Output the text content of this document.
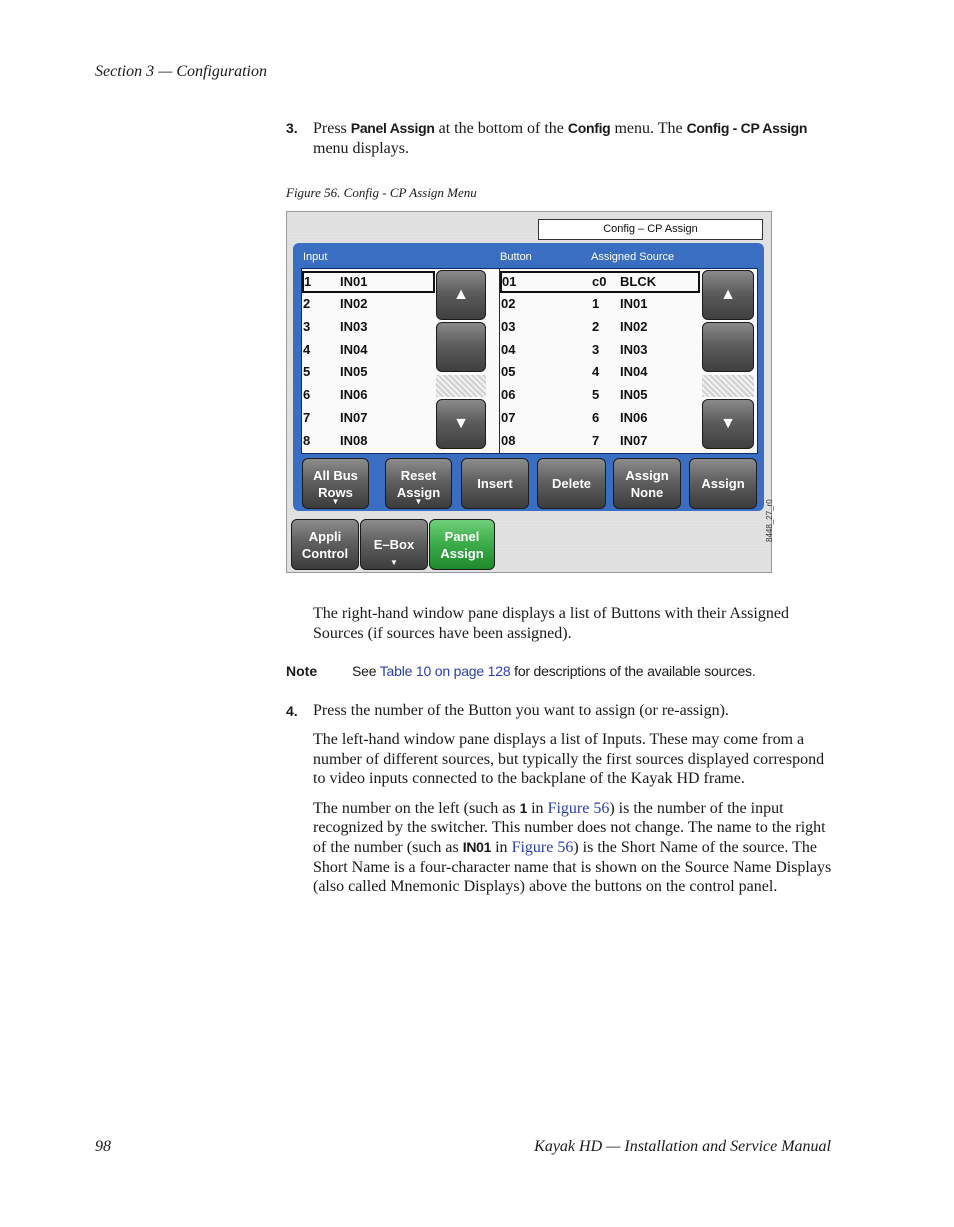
Section 3 — Configuration
3. Press Panel Assign at the bottom of the Config menu. The Config - CP Assign menu displays.
Figure 56. Config - CP Assign Menu
Config – CP Assign
Input	Button	Assigned Source
1 IN01
2 IN02
3 IN03
4 IN04
5 IN05
6 IN06
7 IN07
8 IN08
▲
▼
01	c0 BLCK
02	1 IN01
03	2 IN02
04	3 IN03
05	4 IN04
06	5 IN05
07	6 IN06
08	7 IN07
▲
▼
All Bus
Rows
▼
Reset
Assign
▼
Insert	Delete
Assign
None
Assign
Appli
Control
E–Box
▼
Panel
Assign
8448_27_r0

The right-hand window pane displays a list of Buttons with their Assigned Sources (if sources have been assigned).

Note See Table 10 on page 128 for descriptions of the available sources.
4. Press the number of the Button you want to assign (or re-assign).

The left-hand window pane displays a list of Inputs. These may come from a number of different sources, but typically the first sources displayed correspond to video inputs connected to the backplane of the Kayak HD frame.

The number on the left (such as 1 in Figure 56) is the number of the input recognized by the switcher. This number does not change. The name to the right of the number (such as IN01 in Figure 56) is the Short Name of the source. The Short Name is a four-character name that is shown on the Source Name Displays (also called Mnemonic Displays) above the buttons on the control panel.

98	Kayak HD — Installation and Service Manual
